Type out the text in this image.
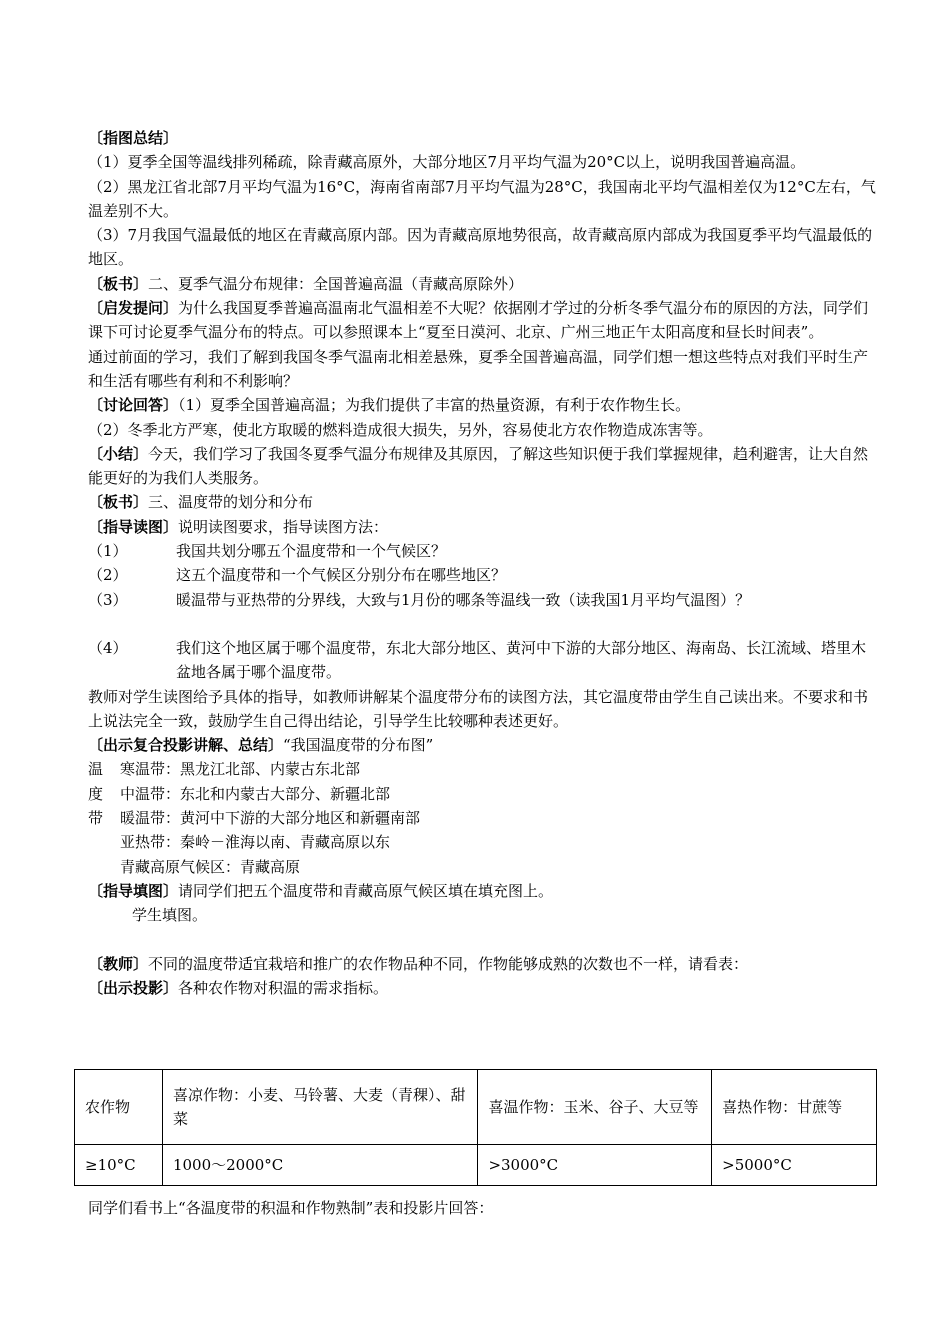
〔指图总结〕

（1）夏季全国等温线排列稀疏，除青藏高原外，大部分地区7月平均气温为20°C以上，说明我国普遍高温。

（2）黑龙江省北部7月平均气温为16°C，海南省南部7月平均气温为28°C，我国南北平均气温相差仅为12°C左右，气温差别不大。

（3）7月我国气温最低的地区在青藏高原内部。因为青藏高原地势很高，故青藏高原内部成为我国夏季平均气温最低的地区。

〔板书〕二、夏季气温分布规律：全国普遍高温（青藏高原除外）

〔启发提问〕为什么我国夏季普遍高温南北气温相差不大呢？依据刚才学过的分析冬季气温分布的原因的方法，同学们课下可讨论夏季气温分布的特点。可以参照课本上“夏至日漠河、北京、广州三地正午太阳高度和昼长时间表”。

通过前面的学习，我们了解到我国冬季气温南北相差悬殊，夏季全国普遍高温，同学们想一想这些特点对我们平时生产和生活有哪些有利和不利影响？

〔讨论回答〕（1）夏季全国普遍高温；为我们提供了丰富的热量资源，有利于农作物生长。

（2）冬季北方严寒，使北方取暖的燃料造成很大损失，另外，容易使北方农作物造成冻害等。

〔小结〕今天，我们学习了我国冬夏季气温分布规律及其原因，了解这些知识便于我们掌握规律，趋利避害，让大自然能更好的为我们人类服务。

〔板书〕三、温度带的划分和分布

〔指导读图〕说明读图要求，指导读图方法：

（1）	我国共划分哪五个温度带和一个气候区？
（2）	这五个温度带和一个气候区分别分布在哪些地区？
（3）	暖温带与亚热带的分界线，大致与1月份的哪条等温线一致（读我国1月平均气温图）？
（4）	我们这个地区属于哪个温度带，东北大部分地区、黄河中下游的大部分地区、海南岛、长江流域、塔里木盆地各属于哪个温度带。

教师对学生读图给予具体的指导，如教师讲解某个温度带分布的读图方法，其它温度带由学生自己读出来。不要求和书上说法完全一致，鼓励学生自己得出结论，引导学生比较哪种表述更好。

〔出示复合投影讲解、总结〕“我国温度带的分布图”

温	寒温带：黑龙江北部、内蒙古东北部
度	中温带：东北和内蒙古大部分、新疆北部
带	暖温带：黄河中下游的大部分地区和新疆南部
亚热带：秦岭－淮海以南、青藏高原以东
青藏高原气候区：青藏高原

〔指导填图〕请同学们把五个温度带和青藏高原气候区填在填充图上。

学生填图。

〔教师〕不同的温度带适宜栽培和推广的农作物品种不同，作物能够成熟的次数也不一样，请看表：

〔出示投影〕各种农作物对积温的需求指标。

农作物	喜凉作物：小麦、马铃薯、大麦（青稞）、甜菜	喜温作物：玉米、谷子、大豆等	喜热作物：甘蔗等
≥10°C	1000～2000°C	>3000°C	>5000°C

同学们看书上“各温度带的积温和作物熟制”表和投影片回答：
